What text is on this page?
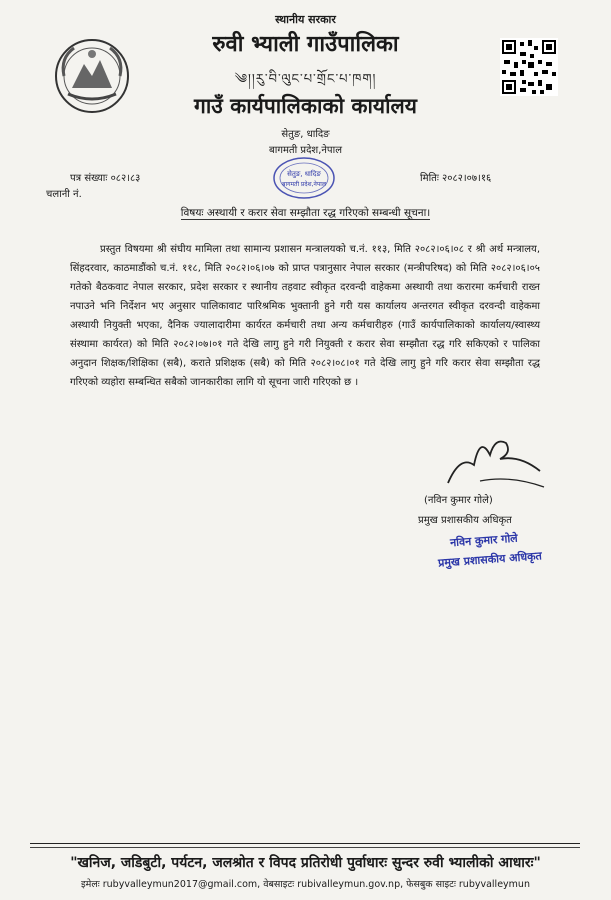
स्थानीय सरकार
रुवी भ्याली गाउँपालिका
༄།།རུ་བི་ལུང་པ་གྲོང་པ་ཁག།
गाउँ कार्यपालिकाको कार्यालय
सेतुङ, धादिङ
बागमती प्रदेश,नेपाल
सेतुङ, धादिङ
बागमती प्रदेश,नेपाल
पत्र संख्याः ०८२।८३	मितिः २०८२।०७।१६
चलानी नं.
विषयः अस्थायी र करार सेवा सम्झौता रद्ध गरिएको सम्बन्धी सूचना।
प्रस्तुत विषयमा श्री संघीय मामिला तथा सामान्य प्रशासन मन्त्रालयको च.नं. ११३, मिति २०८२।०६।०८ र श्री अर्थ मन्त्रालय, सिंहदरवार, काठमाडौंको च.नं. ११८, मिति २०८२।०६।०७ को प्राप्त पत्रानुसार नेपाल सरकार (मन्त्रीपरिषद) को मिति २०८२।०६।०५ गतेको बैठकवाट नेपाल सरकार, प्रदेश सरकार र स्थानीय तहवाट स्वीकृत दरवन्दी वाहेकमा अस्थायी तथा करारमा कर्मचारी राख्न नपाउने भनि निर्देशन भए अनुसार पालिकावाट पारिश्रमिक भुक्तानी हुने गरी यस कार्यालय अन्तरगत स्वीकृत दरवन्दी वाहेकमा अस्थायी नियुक्ती भएका, दैनिक ज्यालादारीमा कार्यरत कर्मचारी तथा अन्य कर्मचारीहरु (गाउँ कार्यपालिकाको कार्यालय/स्वास्थ्य संस्थामा कार्यरत) को मिति २०८२।०७।०१ गते देखि लागु हुने गरी नियुक्ती र करार सेवा सम्झौता रद्ध गरि सकिएको र पालिका अनुदान शिक्षक/शिक्षिका (सबै), कराते प्रशिक्षक (सबै) को मिति २०८२।०८।०१ गते देखि लागु हुने गरि करार सेवा सम्झौता रद्ध गरिएको व्यहोरा सम्बन्धित सबैको जानकारीका लागि यो सूचना जारी गरिएको छ ।
(नविन कुमार गोले)
प्रमुख प्रशासकीय अधिकृत
नविन कुमार गोले
प्रमुख प्रशासकीय अधिकृत
"खनिज, जडिबुटी, पर्यटन, जलश्रोत र विपद प्रतिरोधी पुर्वाधारः सुन्दर रुवी भ्यालीको आधारः"
इमेलः rubyvalleymun2017@gmail.com, वेबसाइटः rubivalleymun.gov.np, फेसबुक साइटः rubyvalleymun
